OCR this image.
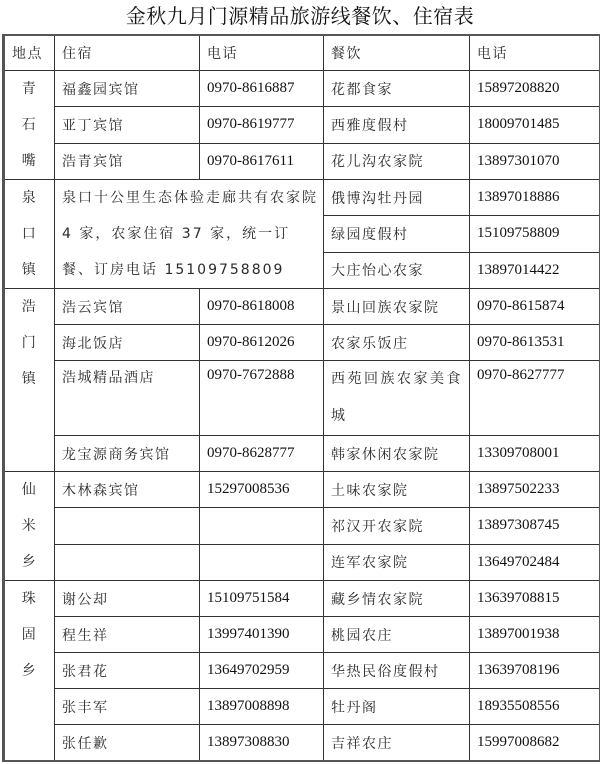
金秋九月门源精品旅游线餐饮、住宿表
地点	住宿	电话	餐饮	电话

青
石
嘴	福鑫园宾馆	0970-8616887	花都食家	15897208820
	亚丁宾馆	0970-8619777	西雅度假村	18009701485
	浩青宾馆	0970-8617611	花儿沟农家院	13897301070

泉
口
镇	泉口十公里生态体验走廊共有农家院 4 家，农家住宿 37 家，统一订餐、订房电话 15109758809		俄博沟牡丹园	13897018886
			绿园度假村	15109758809
			大庄怡心农家	13897014422

浩
门
镇	浩云宾馆	0970-8618008	景山回族农家院	0970-8615874
	海北饭店	0970-8612026	农家乐饭庄	0970-8613531
	浩城精品酒店	0970-7672888	西苑回族农家美食城	0970-8627777
	龙宝源商务宾馆	0970-8628777	韩家休闲农家院	13309708001

仙
米
乡	木林森宾馆	15297008536	土味农家院	13897502233
			祁汉开农家院	13897308745
			连军农家院	13649702484

珠
固
乡	谢公却	15109751584	藏乡情农家院	13639708815
	程生祥	13997401390	桃园农庄	13897001938
	张君花	13649702959	华热民俗度假村	13639708196
	张丰军	13897008898	牡丹阁	18935508556
	张任歉	13897308830	吉祥农庄	15997008682
